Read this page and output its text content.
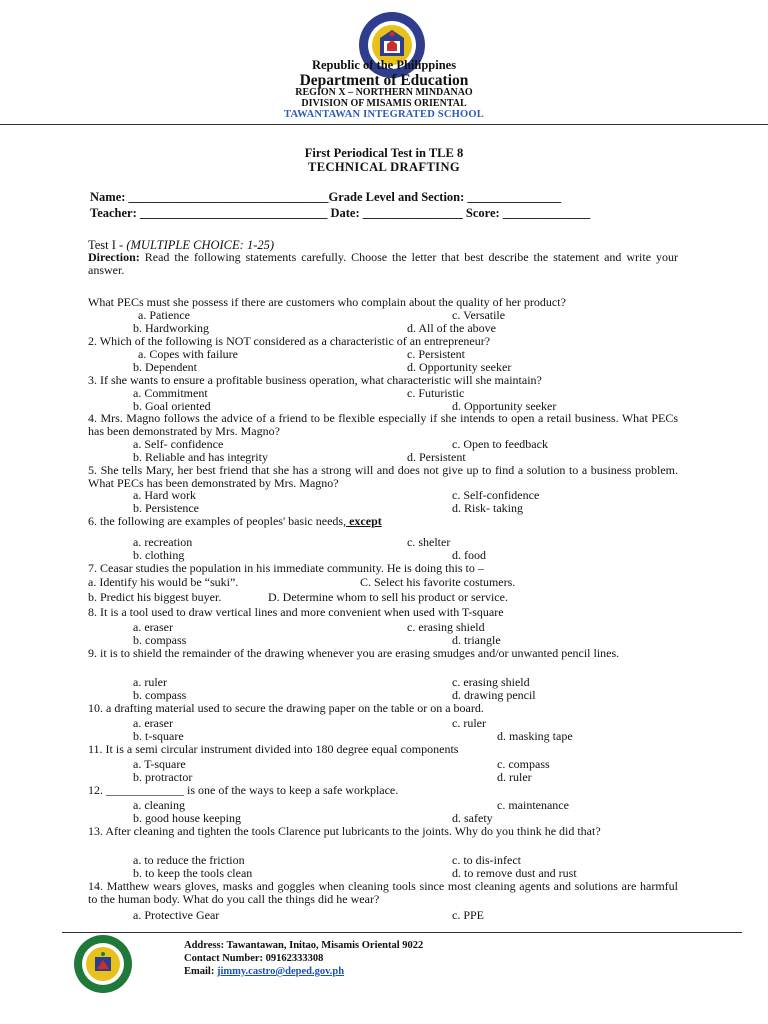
Republic of the Philippines
Department of Education
REGION X – NORTHERN MINDANAO
DIVISION OF MISAMIS ORIENTAL
TAWANTAWAN INTEGRATED SCHOOL
First Periodical Test in TLE 8
TECHNICAL DRAFTING
Name: ________________________________Grade Level and Section: _______________
Teacher: ______________________________ Date: ________________ Score: ______________
Test I - (MULTIPLE CHOICE: 1-25)
Direction: Read the following statements carefully. Choose the letter that best describe the statement and write your answer.
What PECs must she possess if there are customers who complain about the quality of her product?
a. Patience	c. Versatile
b. Hardworking	d. All of the above
2. Which of the following is NOT considered as a characteristic of an entrepreneur?
a. Copes with failure	c. Persistent
b. Dependent	d. Opportunity seeker
3. If she wants to ensure a profitable business operation, what characteristic will she maintain?
a. Commitment	c. Futuristic
b. Goal oriented	d. Opportunity seeker
4. Mrs. Magno follows the advice of a friend to be flexible especially if she intends to open a retail business. What PECs has been demonstrated by Mrs. Magno?
a. Self- confidence	c. Open to feedback
b. Reliable and has integrity	d. Persistent
5. She tells Mary, her best friend that she has a strong will and does not give up to find a solution to a business problem. What PECs has been demonstrated by Mrs. Magno?
a. Hard work	c. Self-confidence
b. Persistence	d. Risk- taking
6. the following are examples of peoples' basic needs, except
a. recreation	c. shelter
b. clothing	d. food
7. Ceasar studies the population in his immediate community. He is doing this to –
a. Identify his would be “suki”.	C. Select his favorite costumers.
b. Predict his biggest buyer.	D. Determine whom to sell his product or service.
8. It is a tool used to draw vertical lines and more convenient when used with T-square
a. eraser	c. erasing shield
b. compass	d. triangle
9. it is to shield the remainder of the drawing whenever you are erasing smudges and/or unwanted pencil lines.
a. ruler	c. erasing shield
b. compass	d. drawing pencil
10. a drafting material used to secure the drawing paper on the table or on a board.
a. eraser	c. ruler
b. t-square	d. masking tape
11. It is a semi circular instrument divided into 180 degree equal components
a. T-square	c. compass
b. protractor	d. ruler
12. _____________ is one of the ways to keep a safe workplace.
a. cleaning	c. maintenance
b. good house keeping	d. safety
13. After cleaning and tighten the tools Clarence put lubricants to the joints. Why do you think he did that?
a. to reduce the friction	c. to dis-infect
b. to keep the tools clean	d. to remove dust and rust
14. Matthew wears gloves, masks and goggles when cleaning tools since most cleaning agents and solutions are harmful to the human body. What do you call the things did he wear?
a. Protective Gear	c. PPE
Address: Tawantawan, Initao, Misamis Oriental 9022
Contact Number: 09162333308
Email: jimmy.castro@deped.gov.ph
